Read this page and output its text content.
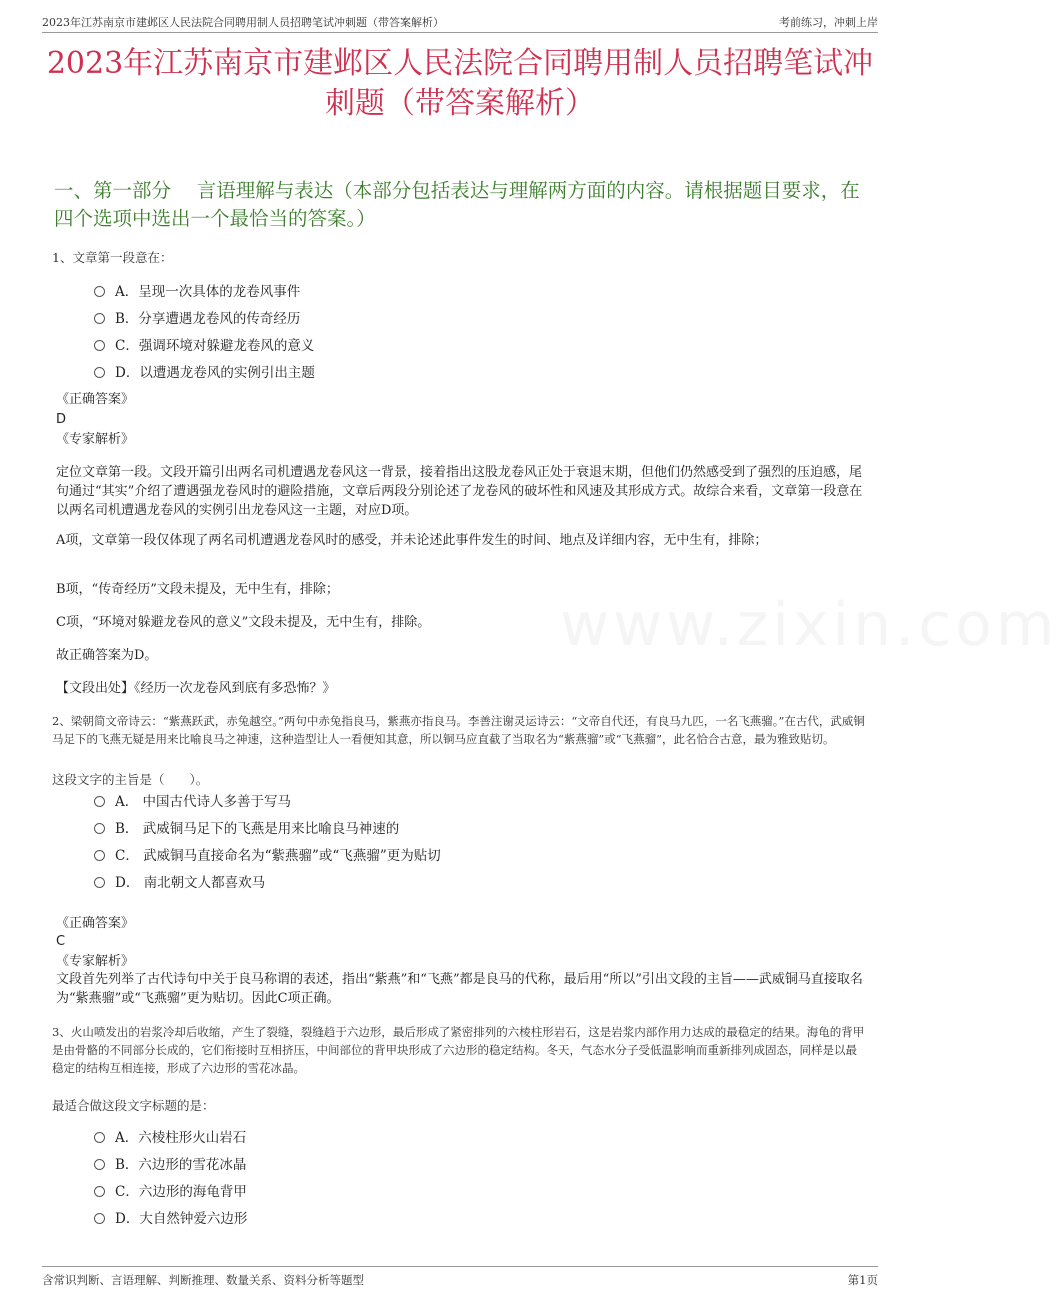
2023年江苏南京市建邺区人民法院合同聘用制人员招聘笔试冲刺题（带答案解析）	考前练习，冲刺上岸
2023年江苏南京市建邺区人民法院合同聘用制人员招聘笔试冲刺题（带答案解析）
一、第一部分　 言语理解与表达（本部分包括表达与理解两方面的内容。请根据题目要求，在四个选项中选出一个最恰当的答案。）
www.zixin.com
1、文章第一段意在：
A．呈现一次具体的龙卷风事件
B．分享遭遇龙卷风的传奇经历
C．强调环境对躲避龙卷风的意义
D．以遭遇龙卷风的实例引出主题
《正确答案》
D
《专家解析》
定位文章第一段。文段开篇引出两名司机遭遇龙卷风这一背景，接着指出这股龙卷风正处于衰退末期，但他们仍然感受到了强烈的压迫感，尾句通过“其实”介绍了遭遇强龙卷风时的避险措施，文章后两段分别论述了龙卷风的破坏性和风速及其形成方式。故综合来看，文章第一段意在以两名司机遭遇龙卷风的实例引出龙卷风这一主题，对应D项。
A项，文章第一段仅体现了两名司机遭遇龙卷风时的感受，并未论述此事件发生的时间、地点及详细内容，无中生有，排除；
B项，“传奇经历”文段未提及，无中生有，排除；
C项，“环境对躲避龙卷风的意义”文段未提及，无中生有，排除。
故正确答案为D。
【文段出处】《经历一次龙卷风到底有多恐怖？》
2、梁朝简文帝诗云：“紫燕跃武，赤兔越空。”两句中赤兔指良马，紫燕亦指良马。李善注谢灵运诗云：“文帝自代还，有良马九匹，一名飞燕骝。”在古代，武威铜马足下的飞燕无疑是用来比喻良马之神速，这种造型让人一看便知其意，所以铜马应直截了当取名为“紫燕骝”或“飞燕骝”，此名恰合古意，最为雅致贴切。
这段文字的主旨是（　　）。
A． 中国古代诗人多善于写马
B． 武威铜马足下的飞燕是用来比喻良马神速的
C． 武威铜马直接命名为“紫燕骝”或“飞燕骝”更为贴切
D． 南北朝文人都喜欢马
《正确答案》
C
《专家解析》
文段首先列举了古代诗句中关于良马称谓的表述，指出“紫燕”和“飞燕”都是良马的代称，最后用“所以”引出文段的主旨——武威铜马直接取名为“紫燕骝”或“飞燕骝”更为贴切。因此C项正确。
3、火山喷发出的岩浆冷却后收缩，产生了裂缝，裂缝趋于六边形，最后形成了紧密排列的六棱柱形岩石，这是岩浆内部作用力达成的最稳定的结果。海龟的背甲是由骨骼的不同部分长成的，它们衔接时互相挤压，中间部位的背甲块形成了六边形的稳定结构。冬天，气态水分子受低温影响而重新排列成固态，同样是以最稳定的结构互相连接，形成了六边形的雪花冰晶。
最适合做这段文字标题的是：
A．六棱柱形火山岩石
B．六边形的雪花冰晶
C．六边形的海龟背甲
D．大自然钟爱六边形
含常识判断、言语理解、判断推理、数量关系、资料分析等题型	第1页
